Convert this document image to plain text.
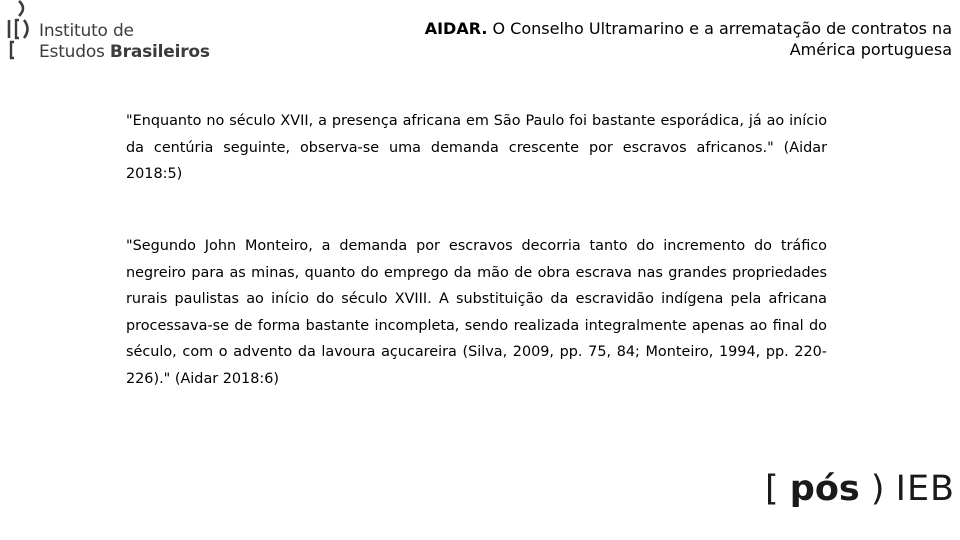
Instituto de
Estudos Brasileiros
AIDAR. O Conselho Ultramarino e a arrematação de contratos na América portuguesa

"Enquanto no século XVII, a presença africana em São Paulo foi bastante esporádica, já ao início da centúria seguinte, observa-se uma demanda crescente por escravos africanos." (Aidar 2018:5)

"Segundo John Monteiro, a demanda por escravos decorria tanto do incremento do tráfico negreiro para as minas, quanto do emprego da mão de obra escrava nas grandes propriedades rurais paulistas ao início do século XVIII. A substituição da escravidão indígena pela africana processava-se de forma bastante incompleta, sendo realizada integralmente apenas ao final do século, com o advento da lavoura açucareira (Silva, 2009, pp. 75, 84; Monteiro, 1994, pp. 220-226)." (Aidar 2018:6)

[ pós ) IEB
